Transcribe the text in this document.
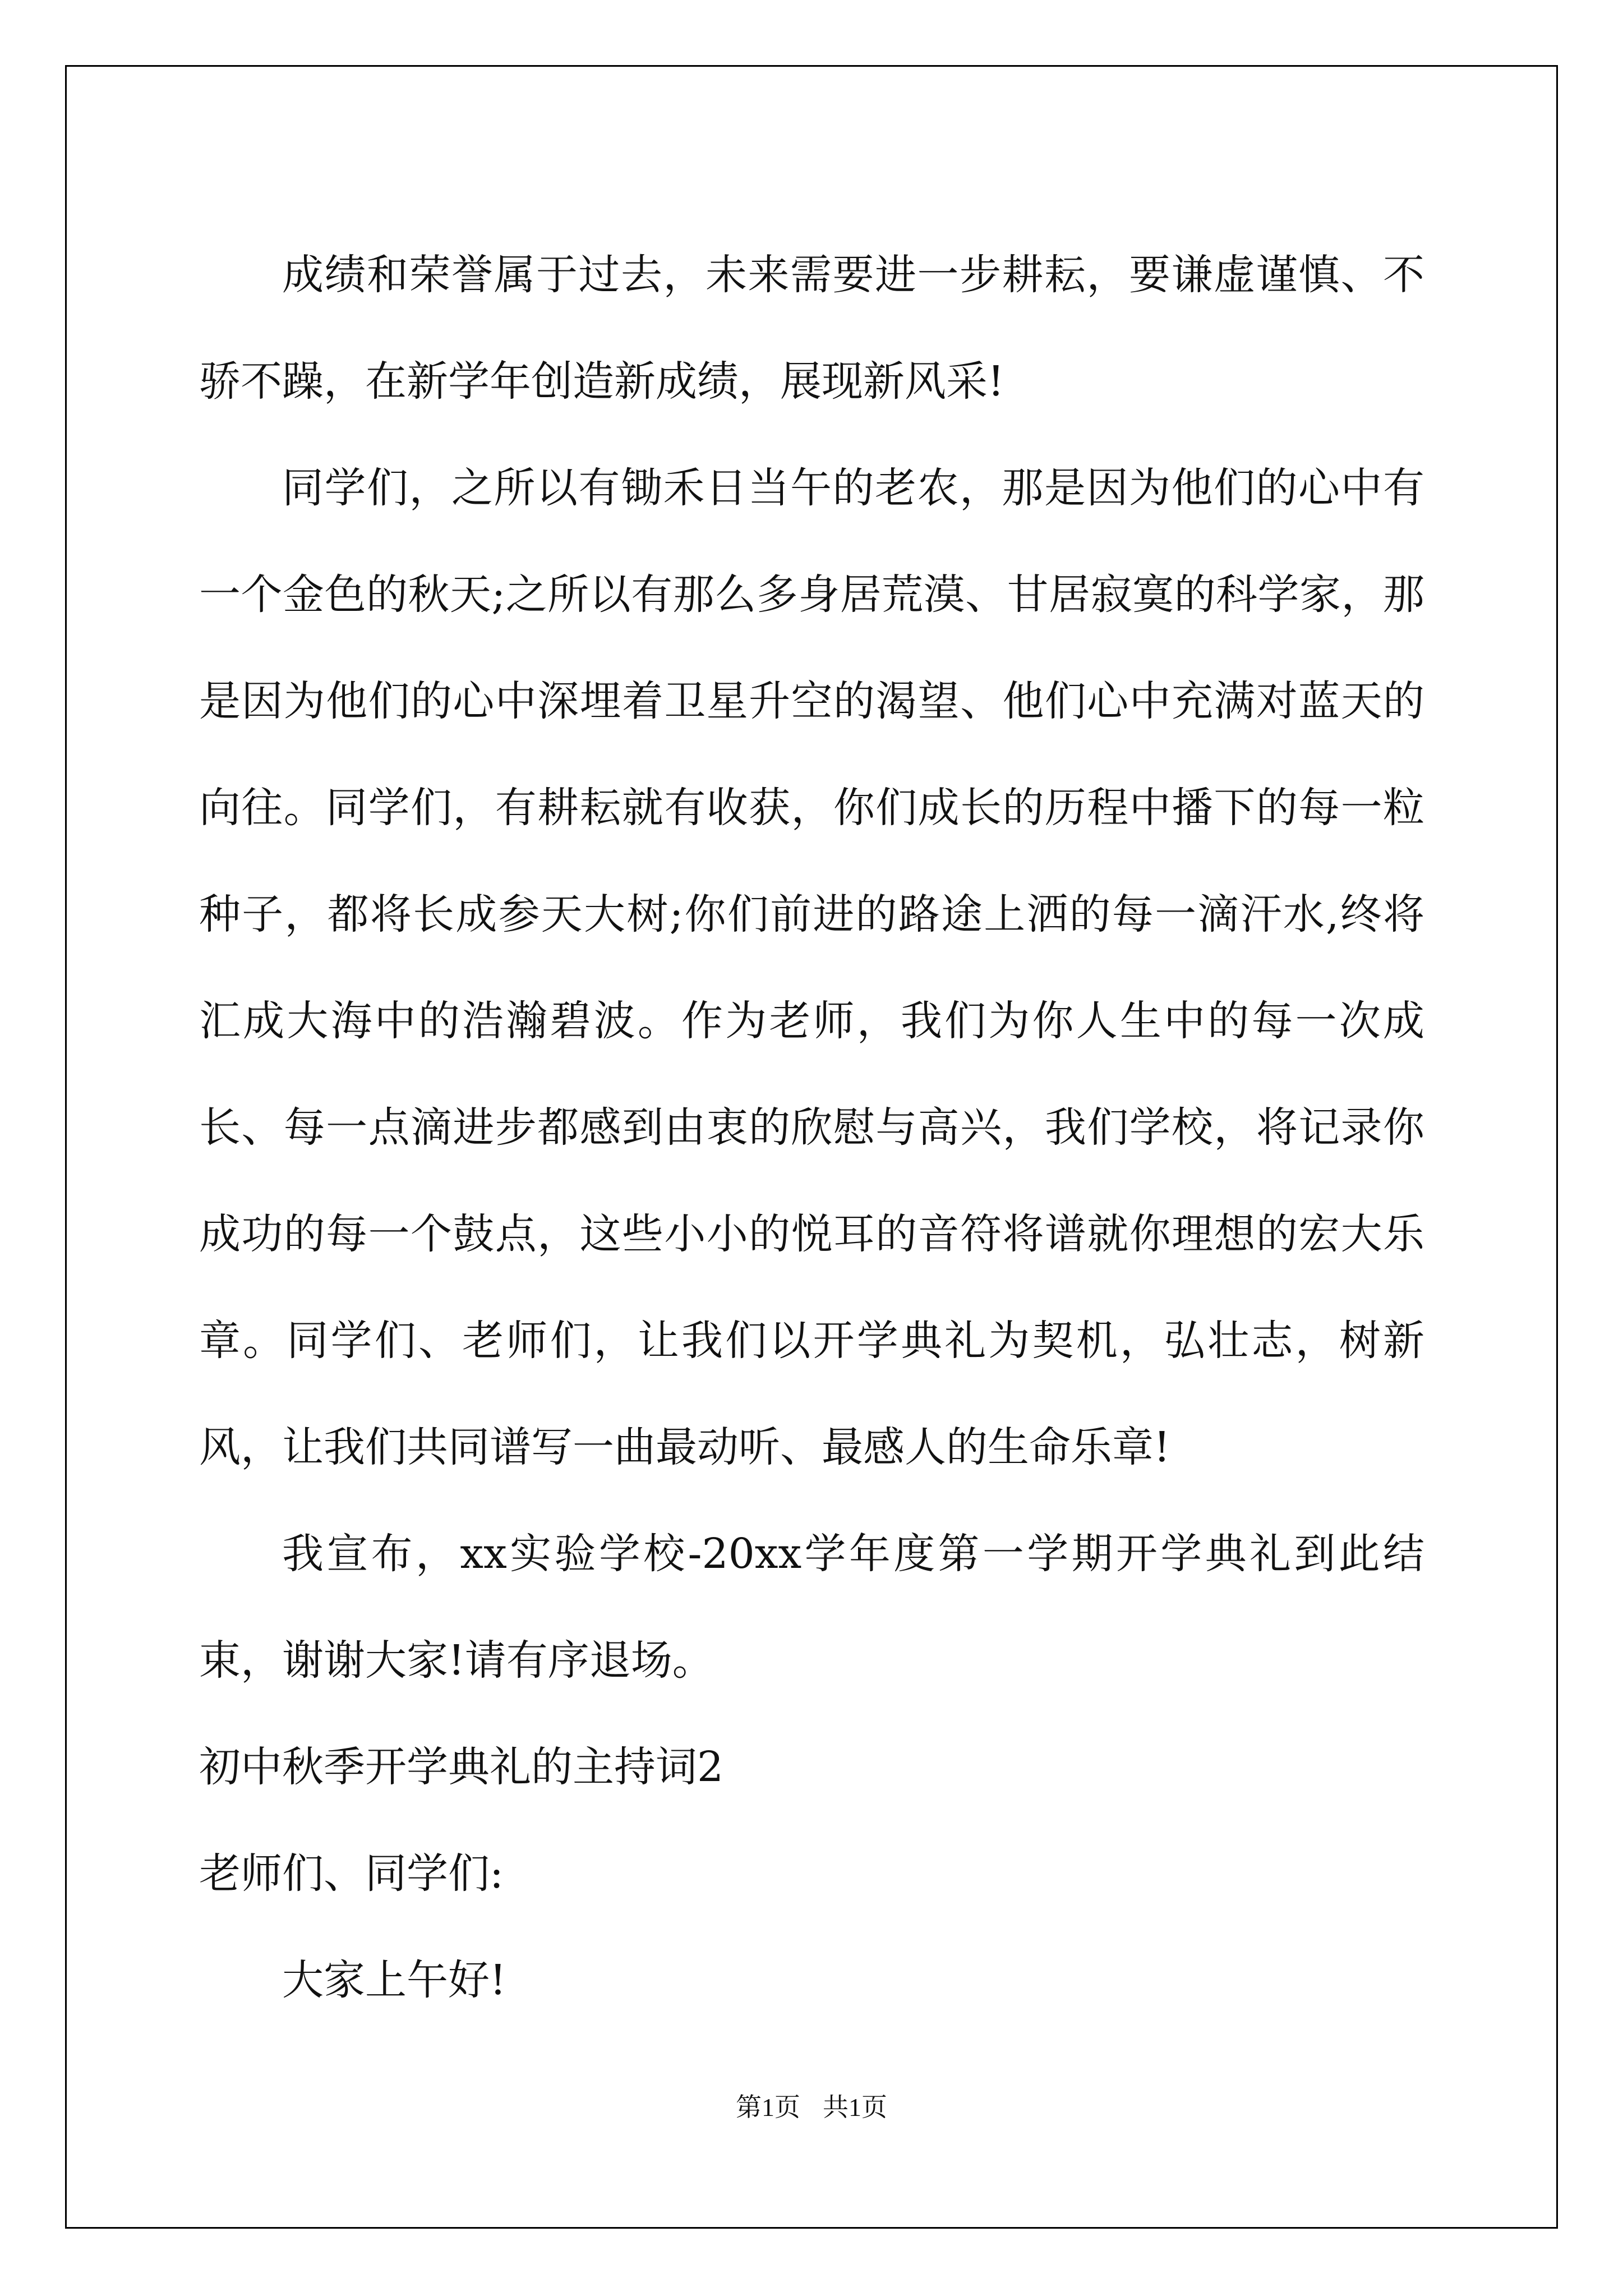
成绩和荣誉属于过去，未来需要进一步耕耘，要谦虚谨慎、不骄不躁，在新学年创造新成绩，展现新风采!

同学们，之所以有锄禾日当午的老农，那是因为他们的心中有一个金色的秋天;之所以有那么多身居荒漠、甘居寂寞的科学家，那是因为他们的心中深埋着卫星升空的渴望、他们心中充满对蓝天的向往。同学们，有耕耘就有收获，你们成长的历程中播下的每一粒种子，都将长成参天大树;你们前进的路途上洒的每一滴汗水,终将汇成大海中的浩瀚碧波。作为老师，我们为你人生中的每一次成长、每一点滴进步都感到由衷的欣慰与高兴，我们学校，将记录你成功的每一个鼓点，这些小小的悦耳的音符将谱就你理想的宏大乐章。同学们、老师们，让我们以开学典礼为契机，弘壮志，树新风，让我们共同谱写一曲最动听、最感人的生命乐章!

我宣布，xx实验学校-20xx学年度第一学期开学典礼到此结束，谢谢大家!请有序退场。

初中秋季开学典礼的主持词2

老师们、同学们:

大家上午好!

第1页 共1页
